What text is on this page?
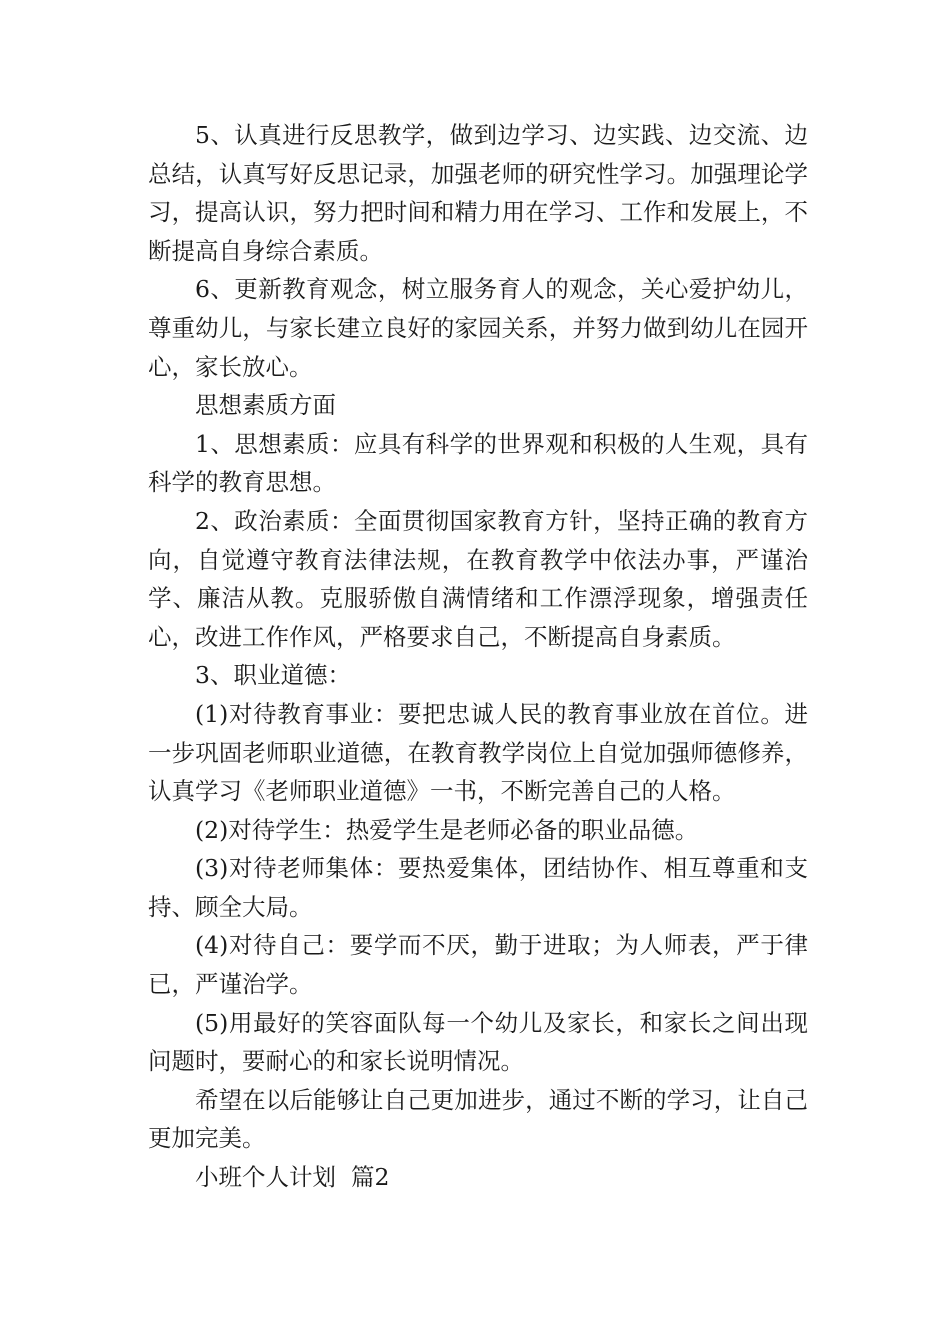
5、认真进行反思教学，做到边学习、边实践、边交流、边总结，认真写好反思记录，加强老师的研究性学习。加强理论学习，提高认识，努力把时间和精力用在学习、工作和发展上，不断提高自身综合素质。

6、更新教育观念，树立服务育人的观念，关心爱护幼儿，尊重幼儿，与家长建立良好的家园关系，并努力做到幼儿在园开心，家长放心。

思想素质方面

1、思想素质：应具有科学的世界观和积极的人生观，具有科学的教育思想。

2、政治素质：全面贯彻国家教育方针，坚持正确的教育方向，自觉遵守教育法律法规，在教育教学中依法办事，严谨治学、廉洁从教。克服骄傲自满情绪和工作漂浮现象，增强责任心，改进工作作风，严格要求自己，不断提高自身素质。

3、职业道德：

(1)对待教育事业：要把忠诚人民的教育事业放在首位。进一步巩固老师职业道德，在教育教学岗位上自觉加强师德修养，认真学习《老师职业道德》一书，不断完善自己的人格。

(2)对待学生：热爱学生是老师必备的职业品德。

(3)对待老师集体：要热爱集体，团结协作、相互尊重和支持、顾全大局。

(4)对待自己：要学而不厌，勤于进取；为人师表，严于律已，严谨治学。

(5)用最好的笑容面队每一个幼儿及家长，和家长之间出现问题时，要耐心的和家长说明情况。

希望在以后能够让自己更加进步，通过不断的学习，让自己更加完美。

小班个人计划  篇2
